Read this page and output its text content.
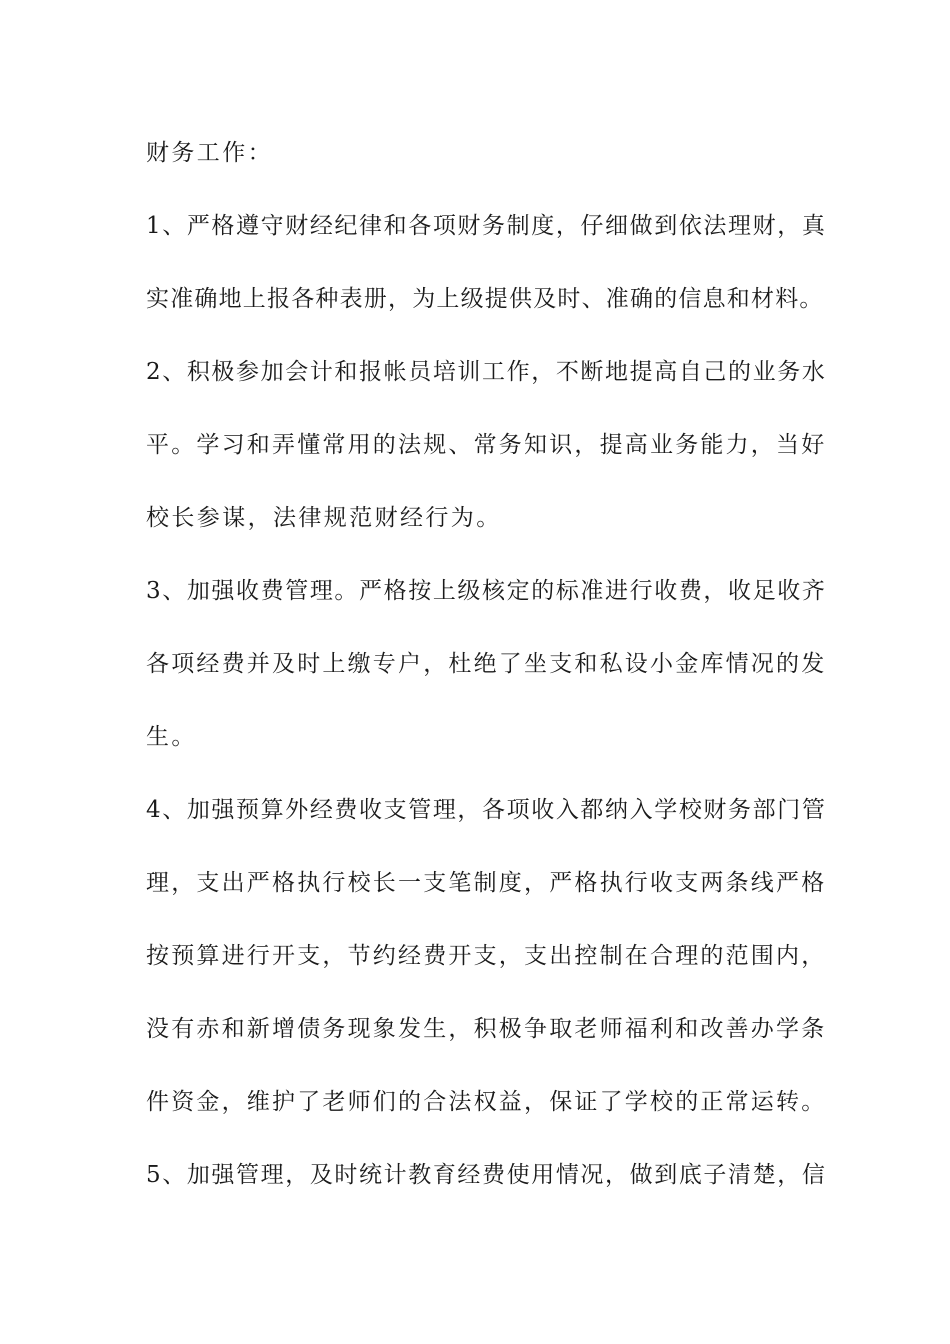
财务工作：

1、严格遵守财经纪律和各项财务制度，仔细做到依法理财，真

实准确地上报各种表册，为上级提供及时、准确的信息和材料。

2、积极参加会计和报帐员培训工作，不断地提高自己的业务水

平。学习和弄懂常用的法规、常务知识，提高业务能力，当好

校长参谋，法律规范财经行为。

3、加强收费管理。严格按上级核定的标准进行收费，收足收齐

各项经费并及时上缴专户，杜绝了坐支和私设小金库情况的发

生。

4、加强预算外经费收支管理，各项收入都纳入学校财务部门管

理，支出严格执行校长一支笔制度，严格执行收支两条线严格

按预算进行开支，节约经费开支，支出控制在合理的范围内，

没有赤和新增债务现象发生，积极争取老师福利和改善办学条

件资金，维护了老师们的合法权益，保证了学校的正常运转。

5、加强管理，及时统计教育经费使用情况，做到底子清楚，信
